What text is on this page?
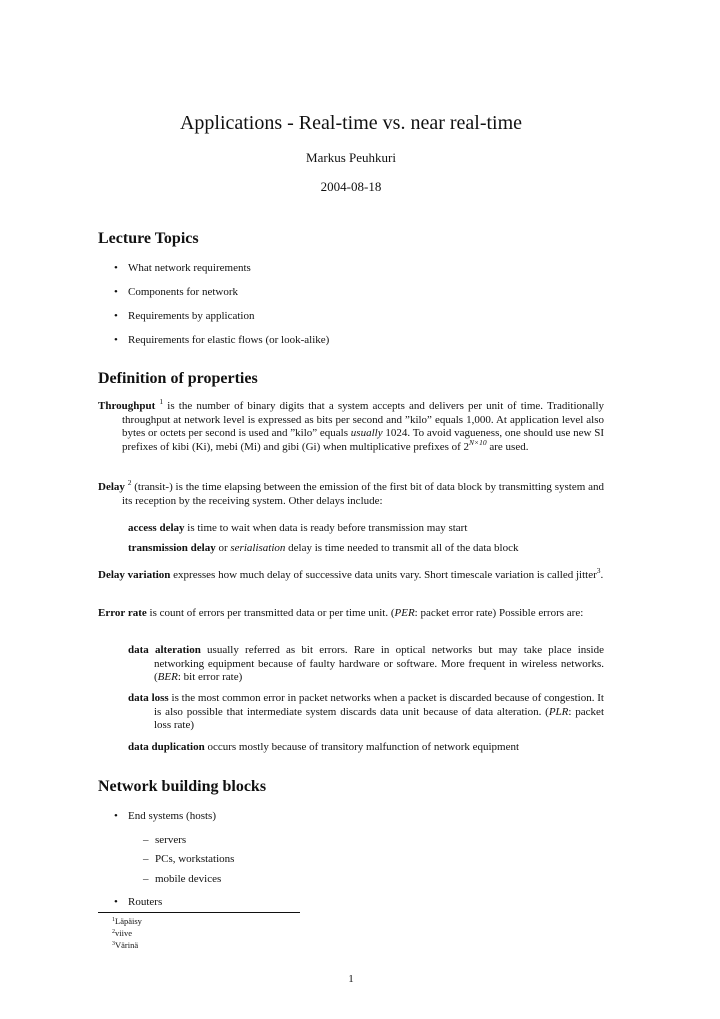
Applications - Real-time vs. near real-time
Markus Peuhkuri
2004-08-18
Lecture Topics
• What network requirements
• Components for network
• Requirements by application
• Requirements for elastic flows (or look-alike)
Definition of properties

Throughput $^1$ is the number of binary digits that a system accepts and delivers per unit of time. Traditionally throughput at network level is expressed as bits per second and ”kilo” equals 1,000. At application level also bytes or octets per second is used and ”kilo” equals usually 1024. To avoid vagueness, one should use new SI prefixes of kibi (Ki), mebi (Mi) and gibi (Gi) when multiplicative prefixes of $2^{N\times 10}$ are used.

Delay $^2$ (transit-) is the time elapsing between the emission of the first bit of data block by transmitting system and its reception by the receiving system. Other delays include:

access delay is time to wait when data is ready before transmission may start

transmission delay or serialisation delay is time needed to transmit all of the data block

Delay variation expresses how much delay of successive data units vary. Short timescale variation is called jitter$^3$.

Error rate is count of errors per transmitted data or per time unit. (PER: packet error rate) Possible errors are:

data alteration usually referred as bit errors. Rare in optical networks but may take place inside networking equipment because of faulty hardware or software. More frequent in wireless networks. (BER: bit error rate)

data loss is the most common error in packet networks when a packet is discarded because of congestion. It is also possible that intermediate system discards data unit because of data alteration. (PLR: packet loss rate)

data duplication occurs mostly because of transitory malfunction of network equipment

Network building blocks
• End systems (hosts)
– servers
– PCs, workstations
– mobile devices
• Routers
$^1$Läpäisy
$^2$viive
$^3$Värinä
1
